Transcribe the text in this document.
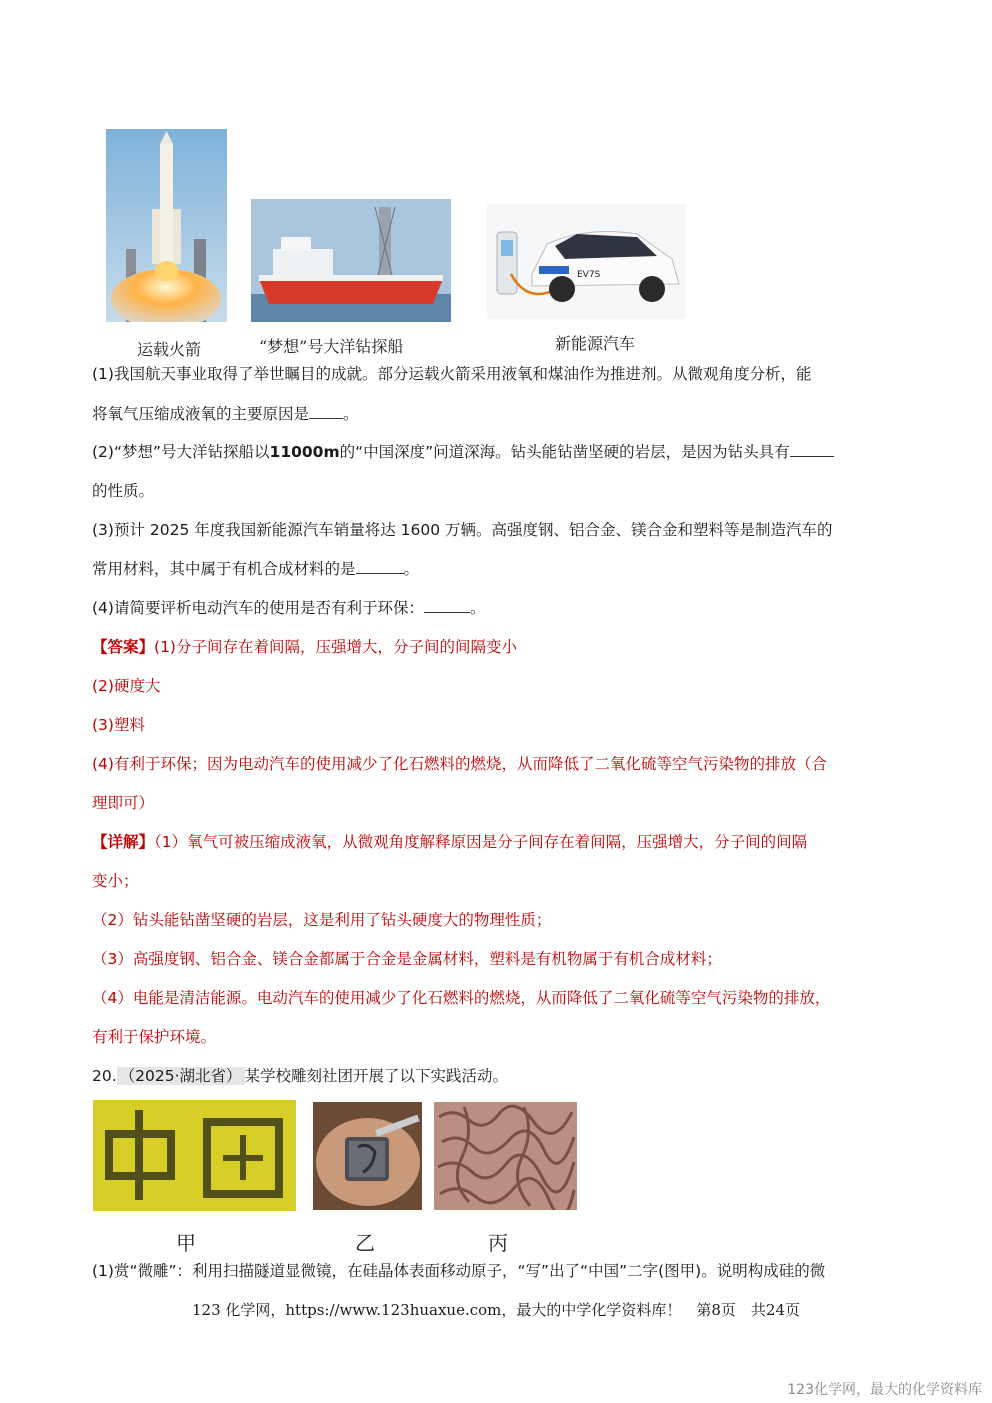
EV7S
运载火箭	“梦想”号大洋钻探船	新能源汽车
(1)我国航天事业取得了举世瞩目的成就。部分运载火箭采用液氧和煤油作为推进剂。从微观角度分析，能
将氧气压缩成液氧的主要原因是 。
(2)“梦想”号大洋钻探船以11000m的“中国深度”问道深海。钻头能钻凿坚硬的岩层，是因为钻头具有
的性质。
(3)预计 2025 年度我国新能源汽车销量将达 1600 万辆。高强度钢、铝合金、镁合金和塑料等是制造汽车的
常用材料，其中属于有机合成材料的是	。
(4)请简要评析电动汽车的使用是否有利于环保：	。
【答案】(1)分子间存在着间隔，压强增大，分子间的间隔变小
(2)硬度大
(3)塑料
(4)有利于环保；因为电动汽车的使用减少了化石燃料的燃烧，从而降低了二氧化硫等空气污染物的排放（合
理即可）
【详解】（1）氧气可被压缩成液氧，从微观角度解释原因是分子间存在着间隔，压强增大，分子间的间隔
变小；
（2）钻头能钻凿坚硬的岩层，这是利用了钻头硬度大的物理性质；
（3）高强度钢、铝合金、镁合金都属于合金是金属材料，塑料是有机物属于有机合成材料；
（4）电能是清洁能源。电动汽车的使用减少了化石燃料的燃烧，从而降低了二氧化硫等空气污染物的排放，
有利于保护环境。
20. （2025·湖北省） 某学校雕刻社团开展了以下实践活动。
甲	乙	丙
(1)赏“微雕”：利用扫描隧道显微镜，在硅晶体表面移动原子，“写”出了“中国”二字(图甲)。说明构成硅的微
123 化学网，https://www.123huaxue.com，最大的中学化学资料库！　第8页　共24页
123化学网，最大的化学资料库
